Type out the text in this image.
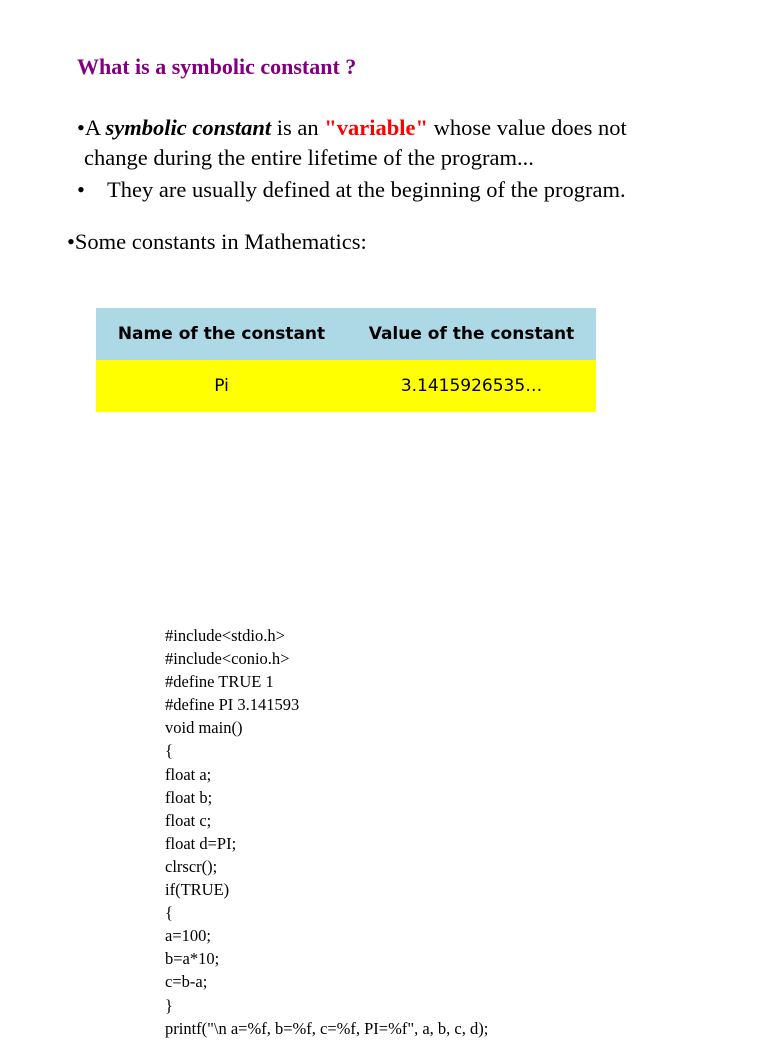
What is a symbolic constant ?
•A symbolic constant is an "variable" whose value does not
change during the entire lifetime of the program...
• They are usually defined at the beginning of the program.
•Some constants in Mathematics:
Name of the constant	Value of the constant
Pi	3.1415926535…
#include<stdio.h>
#include<conio.h>
#define TRUE 1
#define PI 3.141593
void main()
{
float a;
float b;
float c;
float d=PI;
clrscr();
if(TRUE)
{
a=100;
b=a*10;
c=b-a;
}
printf("\n a=%f, b=%f, c=%f, PI=%f", a, b, c, d);
